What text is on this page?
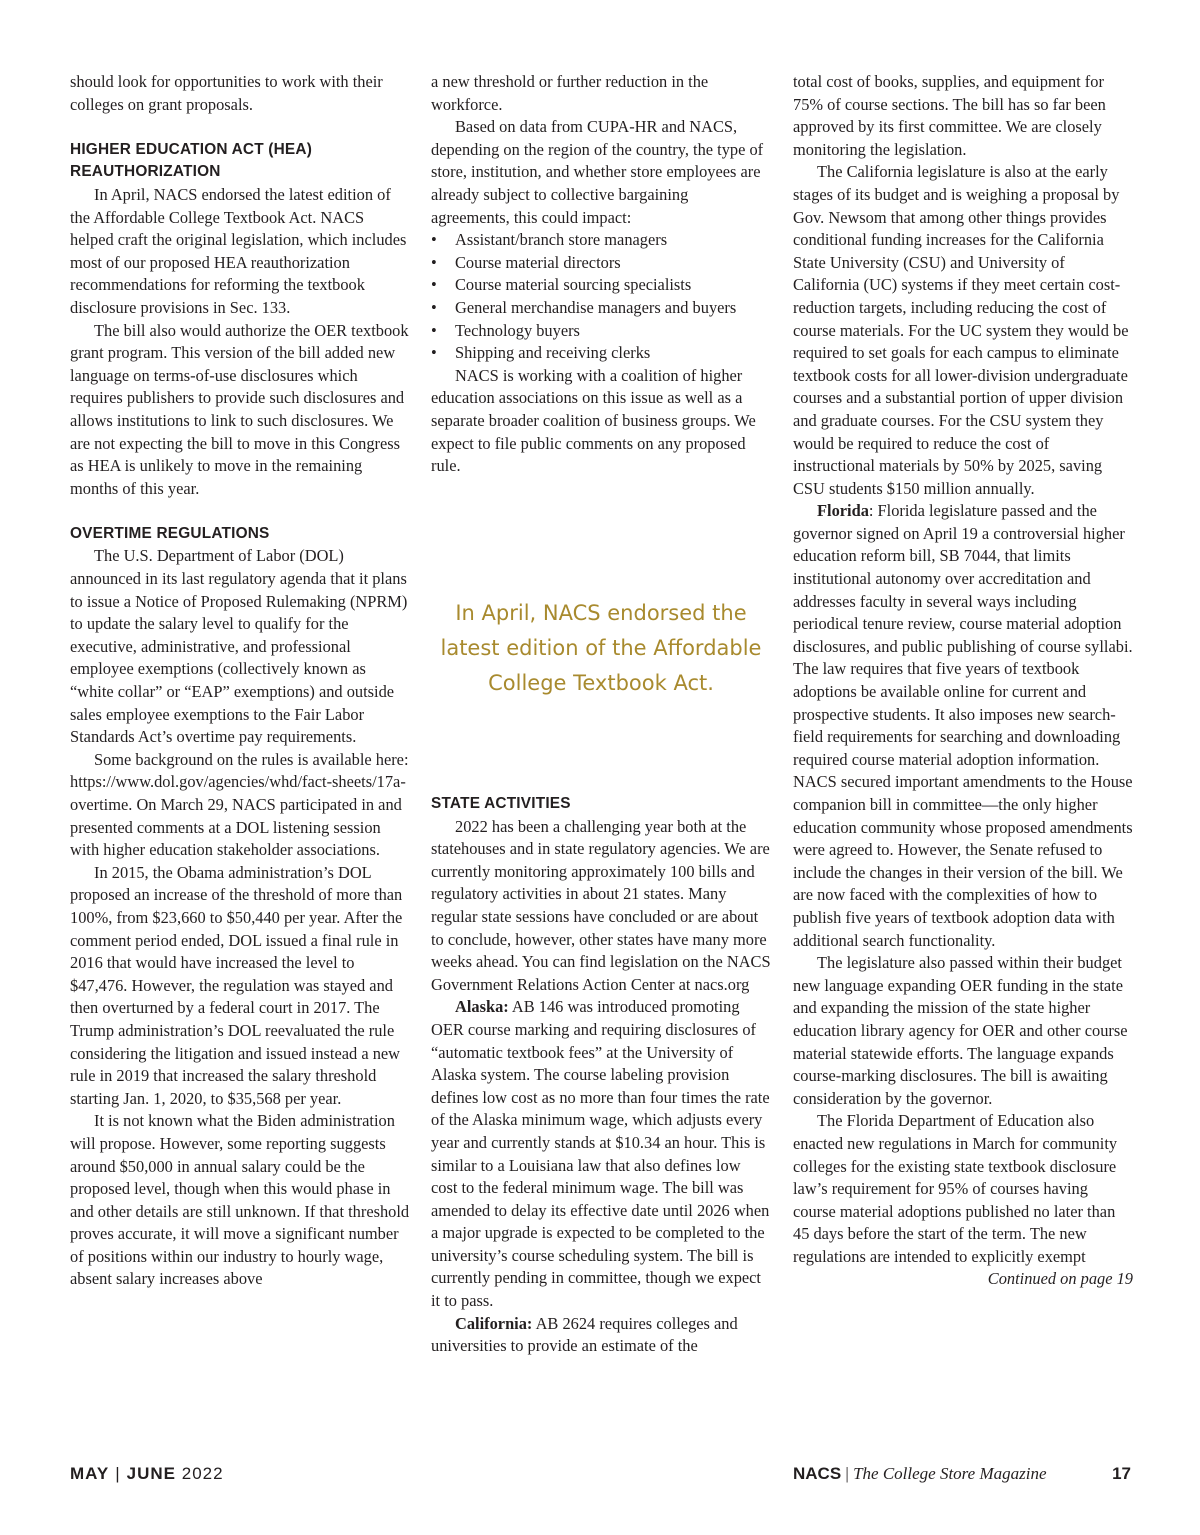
should look for opportunities to work with their colleges on grant proposals.

HIGHER EDUCATION ACT (HEA) REAUTHORIZATION

In April, NACS endorsed the latest edition of the Affordable College Textbook Act. NACS helped craft the original legislation, which includes most of our proposed HEA reauthorization recommendations for reforming the textbook disclosure provisions in Sec. 133.

The bill also would authorize the OER textbook grant program. This version of the bill added new language on terms-of-use disclosures which requires publishers to provide such disclosures and allows institutions to link to such disclosures. We are not expecting the bill to move in this Congress as HEA is unlikely to move in the remaining months of this year.

OVERTIME REGULATIONS

The U.S. Department of Labor (DOL) announced in its last regulatory agenda that it plans to issue a Notice of Proposed Rulemaking (NPRM) to update the salary level to qualify for the executive, administrative, and professional employee exemptions (collectively known as “white collar” or “EAP” exemptions) and outside sales employee exemptions to the Fair Labor Standards Act’s overtime pay requirements.

Some background on the rules is available here: https://www.dol.gov/agencies/whd/fact-sheets/17a-overtime. On March 29, NACS participated in and presented comments at a DOL listening session with higher education stakeholder associations.

In 2015, the Obama administration’s DOL proposed an increase of the threshold of more than 100%, from $23,660 to $50,440 per year. After the comment period ended, DOL issued a final rule in 2016 that would have increased the level to $47,476. However, the regulation was stayed and then overturned by a federal court in 2017. The Trump administration’s DOL reevaluated the rule considering the litigation and issued instead a new rule in 2019 that increased the salary threshold starting Jan. 1, 2020, to $35,568 per year.

It is not known what the Biden administration will propose. However, some reporting suggests around $50,000 in annual salary could be the proposed level, though when this would phase in and other details are still unknown. If that threshold proves accurate, it will move a significant number of positions within our industry to hourly wage, absent salary increases above

a new threshold or further reduction in the workforce.

Based on data from CUPA-HR and NACS, depending on the region of the country, the type of store, institution, and whether store employees are already subject to collective bargaining agreements, this could impact:

• Assistant/branch store managers
• Course material directors
• Course material sourcing specialists
• General merchandise managers and buyers
• Technology buyers
• Shipping and receiving clerks

NACS is working with a coalition of higher education associations on this issue as well as a separate broader coalition of business groups. We expect to file public comments on any proposed rule.

In April, NACS endorsed the latest edition of the Affordable College Textbook Act.
STATE ACTIVITIES

2022 has been a challenging year both at the statehouses and in state regulatory agencies. We are currently monitoring approximately 100 bills and regulatory activities in about 21 states. Many regular state sessions have concluded or are about to conclude, however, other states have many more weeks ahead. You can find legislation on the NACS Government Relations Action Center at nacs.org

Alaska: AB 146 was introduced promoting OER course marking and requiring disclosures of “automatic textbook fees” at the University of Alaska system. The course labeling provision defines low cost as no more than four times the rate of the Alaska minimum wage, which adjusts every year and currently stands at $10.34 an hour. This is similar to a Louisiana law that also defines low cost to the federal minimum wage. The bill was amended to delay its effective date until 2026 when a major upgrade is expected to be completed to the university’s course scheduling system. The bill is currently pending in committee, though we expect it to pass.

California: AB 2624 requires colleges and universities to provide an estimate of the

total cost of books, supplies, and equipment for 75% of course sections. The bill has so far been approved by its first committee. We are closely monitoring the legislation.

The California legislature is also at the early stages of its budget and is weighing a proposal by Gov. Newsom that among other things provides conditional funding increases for the California State University (CSU) and University of California (UC) systems if they meet certain cost-reduction targets, including reducing the cost of course materials. For the UC system they would be required to set goals for each campus to eliminate textbook costs for all lower-division undergraduate courses and a substantial portion of upper division and graduate courses. For the CSU system they would be required to reduce the cost of instructional materials by 50% by 2025, saving CSU students $150 million annually.

Florida: Florida legislature passed and the governor signed on April 19 a controversial higher education reform bill, SB 7044, that limits institutional autonomy over accreditation and addresses faculty in several ways including periodical tenure review, course material adoption disclosures, and public publishing of course syllabi. The law requires that five years of textbook adoptions be available online for current and prospective students. It also imposes new search-field requirements for searching and downloading required course material adoption information. NACS secured important amendments to the House companion bill in committee—the only higher education community whose proposed amendments were agreed to. However, the Senate refused to include the changes in their version of the bill. We are now faced with the complexities of how to publish five years of textbook adoption data with additional search functionality.

The legislature also passed within their budget new language expanding OER funding in the state and expanding the mission of the state higher education library agency for OER and other course material statewide efforts. The language expands course-marking disclosures. The bill is awaiting consideration by the governor.

The Florida Department of Education also enacted new regulations in March for community colleges for the existing state textbook disclosure law’s requirement for 95% of courses having course material adoptions published no later than 45 days before the start of the term. The new regulations are intended to explicitly exempt

Continued on page 19
MAY | JUNE 2022	NACS | The College Store Magazine	17
